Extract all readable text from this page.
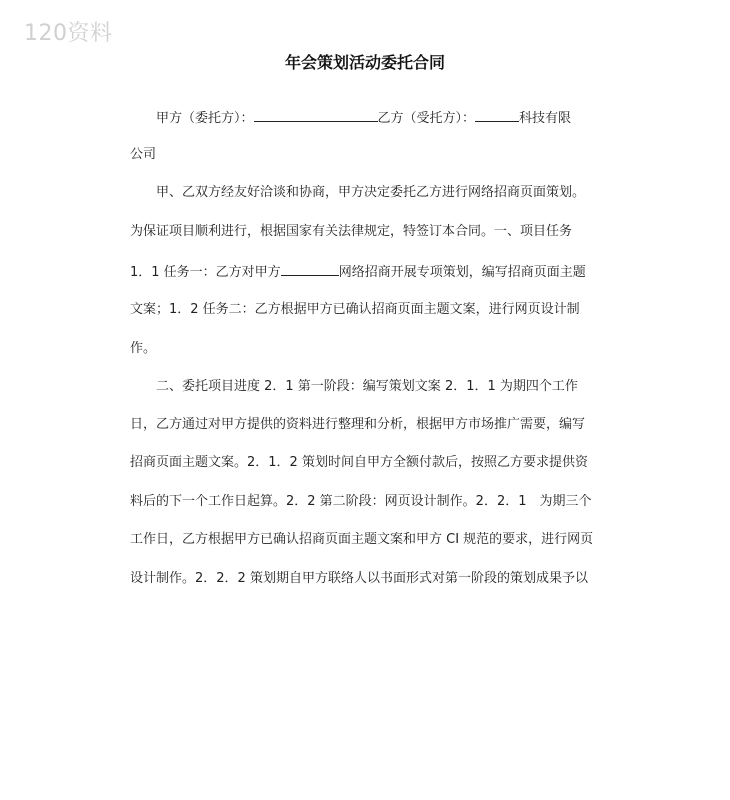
120资料
年会策划活动委托合同
甲方（委托方）：	乙方（受托方）：	科技有限
公司
甲、乙双方经友好洽谈和协商，甲方决定委托乙方进行网络招商页面策划。
为保证项目顺利进行，根据国家有关法律规定，特签订本合同。一、项目任务
1．1 任务一：乙方对甲方	网络招商开展专项策划，编写招商页面主题
文案；1．2 任务二：乙方根据甲方已确认招商页面主题文案，进行网页设计制
作。
二、委托项目进度 2．1 第一阶段：编写策划文案 2．1．1 为期四个工作
日，乙方通过对甲方提供的资料进行整理和分析，根据甲方市场推广需要，编写
招商页面主题文案。2．1．2 策划时间自甲方全额付款后，按照乙方要求提供资
料后的下一个工作日起算。2．2 第二阶段：网页设计制作。2．2．1　为期三个
工作日，乙方根据甲方已确认招商页面主题文案和甲方 CI 规范的要求，进行网页
设计制作。2．2．2 策划期自甲方联络人以书面形式对第一阶段的策划成果予以
